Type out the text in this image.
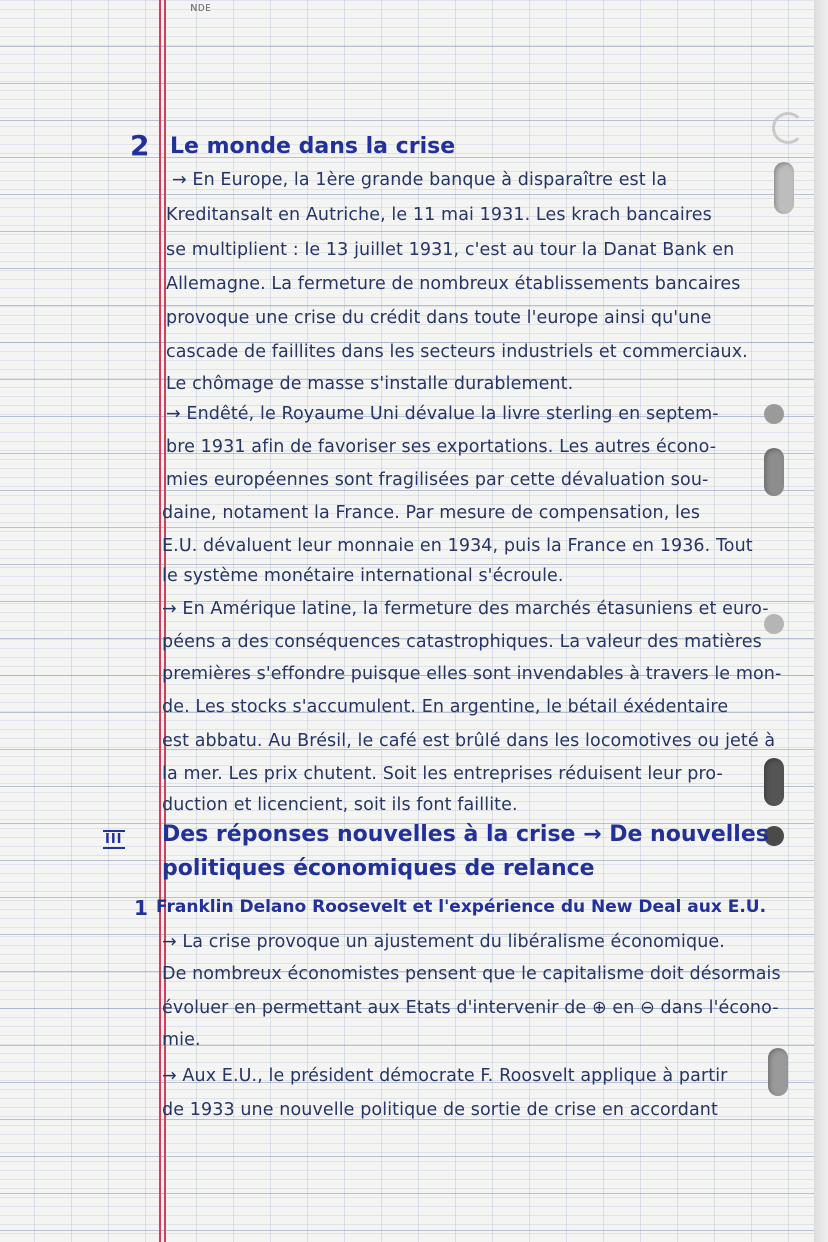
ɴᴅᴇ
2 Le monde dans la crise
→ En Europe, la 1ère grande banque à disparaître est la
Kreditansalt en Autriche, le 11 mai 1931. Les krach bancaires
se multiplient : le 13 juillet 1931, c'est au tour la Danat Bank en
Allemagne. La fermeture de nombreux établissements bancaires
provoque une crise du crédit dans toute l'europe ainsi qu'une
cascade de faillites dans les secteurs industriels et commerciaux.
Le chômage de masse s'installe durablement.
→ Endêté, le Royaume Uni dévalue la livre sterling en septem-
bre 1931 afin de favoriser ses exportations. Les autres écono-
mies européennes sont fragilisées par cette dévaluation sou-
daine, notament la France. Par mesure de compensation, les
E.U. dévaluent leur monnaie en 1934, puis la France en 1936. Tout
le système monétaire international s'écroule.
→ En Amérique latine, la fermeture des marchés étasuniens et euro-
péens a des conséquences catastrophiques. La valeur des matières
premières s'effondre puisque elles sont invendables à travers le mon-
de. Les stocks s'accumulent. En argentine, le bétail éxédentaire
est abbatu. Au Brésil, le café est brûlé dans les locomotives ou jeté à
la mer. Les prix chutent. Soit les entreprises réduisent leur pro-
duction et licencient, soit ils font faillite.
III Des réponses nouvelles à la crise → De nouvelles
politiques économiques de relance
1 Franklin Delano Roosevelt et l'expérience du New Deal aux E.U.
→ La crise provoque un ajustement du libéralisme économique.
De nombreux économistes pensent que le capitalisme doit désormais
évoluer en permettant aux Etats d'intervenir de ⊕ en ⊖ dans l'écono-
mie.
→ Aux E.U., le président démocrate F. Roosvelt applique à partir
de 1933 une nouvelle politique de sortie de crise en accordant
